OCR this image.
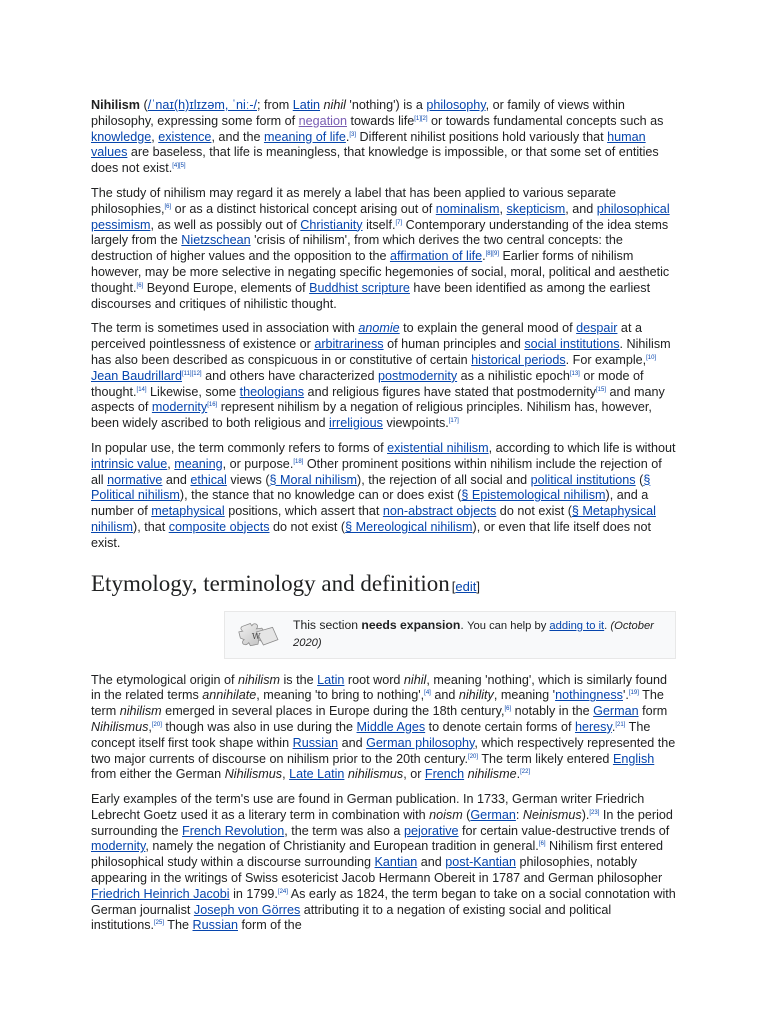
Nihilism (/ˈnaɪ(h)ɪlɪzəm, ˈniː-/; from Latin nihil 'nothing') is a philosophy, or family of views within philosophy, expressing some form of negation towards life[1][2] or towards fundamental concepts such as knowledge, existence, and the meaning of life.[3] Different nihilist positions hold variously that human values are baseless, that life is meaningless, that knowledge is impossible, or that some set of entities does not exist.[4][5]

The study of nihilism may regard it as merely a label that has been applied to various separate philosophies,[6] or as a distinct historical concept arising out of nominalism, skepticism, and philosophical pessimism, as well as possibly out of Christianity itself.[7] Contemporary understanding of the idea stems largely from the Nietzschean 'crisis of nihilism', from which derives the two central concepts: the destruction of higher values and the opposition to the affirmation of life.[8][9] Earlier forms of nihilism however, may be more selective in negating specific hegemonies of social, moral, political and aesthetic thought.[6] Beyond Europe, elements of Buddhist scripture have been identified as among the earliest discourses and critiques of nihilistic thought.

The term is sometimes used in association with anomie to explain the general mood of despair at a perceived pointlessness of existence or arbitrariness of human principles and social institutions. Nihilism has also been described as conspicuous in or constitutive of certain historical periods. For example,[10] Jean Baudrillard[11][12] and others have characterized postmodernity as a nihilistic epoch[13] or mode of thought.[14] Likewise, some theologians and religious figures have stated that postmodernity[15] and many aspects of modernity[16] represent nihilism by a negation of religious principles. Nihilism has, however, been widely ascribed to both religious and irreligious viewpoints.[17]

In popular use, the term commonly refers to forms of existential nihilism, according to which life is without intrinsic value, meaning, or purpose.[18] Other prominent positions within nihilism include the rejection of all normative and ethical views (§ Moral nihilism), the rejection of all social and political institutions (§ Political nihilism), the stance that no knowledge can or does exist (§ Epistemological nihilism), and a number of metaphysical positions, which assert that non-abstract objects do not exist (§ Metaphysical nihilism), that composite objects do not exist (§ Mereological nihilism), or even that life itself does not exist.

Etymology, terminology and definition [edit]
W
This section needs expansion. You can help by adding to it. (October 2020)

The etymological origin of nihilism is the Latin root word nihil, meaning 'nothing', which is similarly found in the related terms annihilate, meaning 'to bring to nothing',[4] and nihility, meaning 'nothingness'.[19] The term nihilism emerged in several places in Europe during the 18th century,[6] notably in the German form Nihilismus,[20] though was also in use during the Middle Ages to denote certain forms of heresy.[21] The concept itself first took shape within Russian and German philosophy, which respectively represented the two major currents of discourse on nihilism prior to the 20th century.[20] The term likely entered English from either the German Nihilismus, Late Latin nihilismus, or French nihilisme.[22]

Early examples of the term's use are found in German publication. In 1733, German writer Friedrich Lebrecht Goetz used it as a literary term in combination with noism (German: Neinismus).[23] In the period surrounding the French Revolution, the term was also a pejorative for certain value-destructive trends of modernity, namely the negation of Christianity and European tradition in general.[6] Nihilism first entered philosophical study within a discourse surrounding Kantian and post-Kantian philosophies, notably appearing in the writings of Swiss esotericist Jacob Hermann Obereit in 1787 and German philosopher Friedrich Heinrich Jacobi in 1799.[24] As early as 1824, the term began to take on a social connotation with German journalist Joseph von Görres attributing it to a negation of existing social and political institutions.[25] The Russian form of the
